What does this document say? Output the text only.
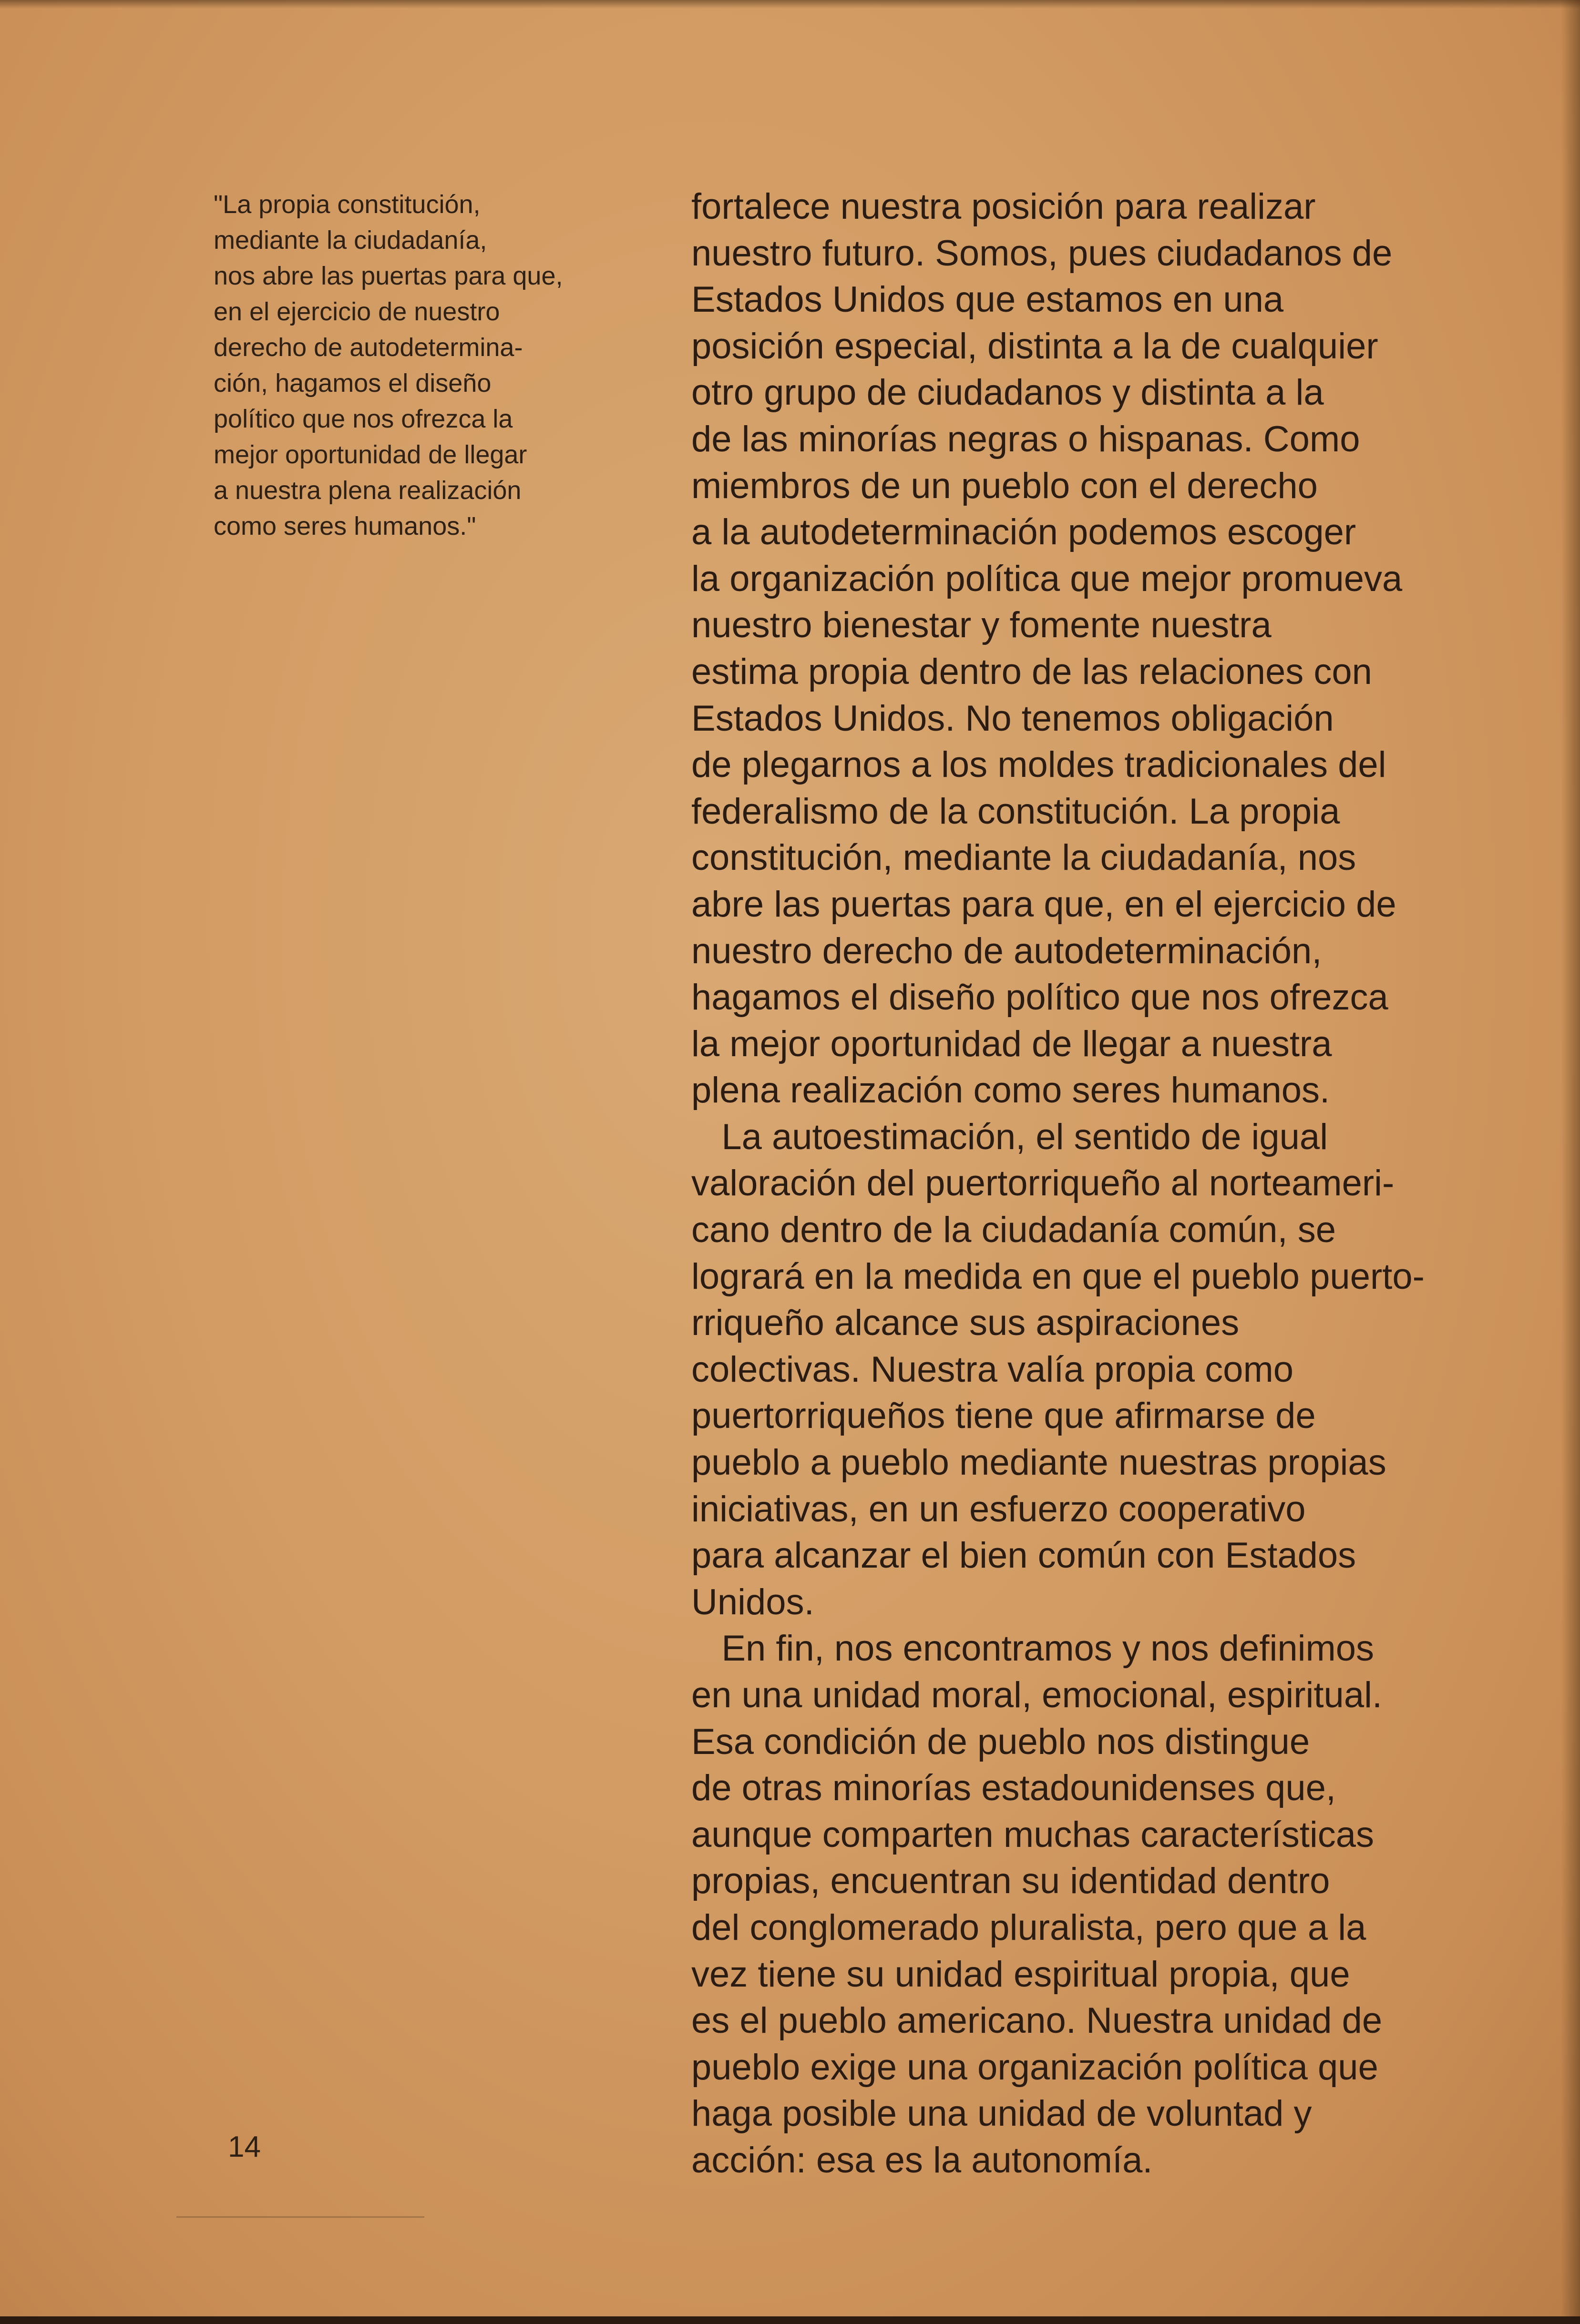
"La propia constitución,
mediante la ciudadanía,
nos abre las puertas para que,
en el ejercicio de nuestro
derecho de autodetermina-
ción, hagamos el diseño
político que nos ofrezca la
mejor oportunidad de llegar
a nuestra plena realización
como seres humanos."
fortalece nuestra posición para realizar
nuestro futuro. Somos, pues ciudadanos de
Estados Unidos que estamos en una
posición especial, distinta a la de cualquier
otro grupo de ciudadanos y distinta a la
de las minorías negras o hispanas. Como
miembros de un pueblo con el derecho
a la autodeterminación podemos escoger
la organización política que mejor promueva
nuestro bienestar y fomente nuestra
estima propia dentro de las relaciones con
Estados Unidos. No tenemos obligación
de plegarnos a los moldes tradicionales del
federalismo de la constitución. La propia
constitución, mediante la ciudadanía, nos
abre las puertas para que, en el ejercicio de
nuestro derecho de autodeterminación,
hagamos el diseño político que nos ofrezca
la mejor oportunidad de llegar a nuestra
plena realización como seres humanos.
La autoestimación, el sentido de igual
valoración del puertorriqueño al norteameri-
cano dentro de la ciudadanía común, se
logrará en la medida en que el pueblo puerto-
rriqueño alcance sus aspiraciones
colectivas. Nuestra valía propia como
puertorriqueños tiene que afirmarse de
pueblo a pueblo mediante nuestras propias
iniciativas, en un esfuerzo cooperativo
para alcanzar el bien común con Estados
Unidos.
En fin, nos encontramos y nos definimos
en una unidad moral, emocional, espiritual.
Esa condición de pueblo nos distingue
de otras minorías estadounidenses que,
aunque comparten muchas características
propias, encuentran su identidad dentro
del conglomerado pluralista, pero que a la
vez tiene su unidad espiritual propia, que
es el pueblo americano. Nuestra unidad de
pueblo exige una organización política que
haga posible una unidad de voluntad y
acción: esa es la autonomía.
14
